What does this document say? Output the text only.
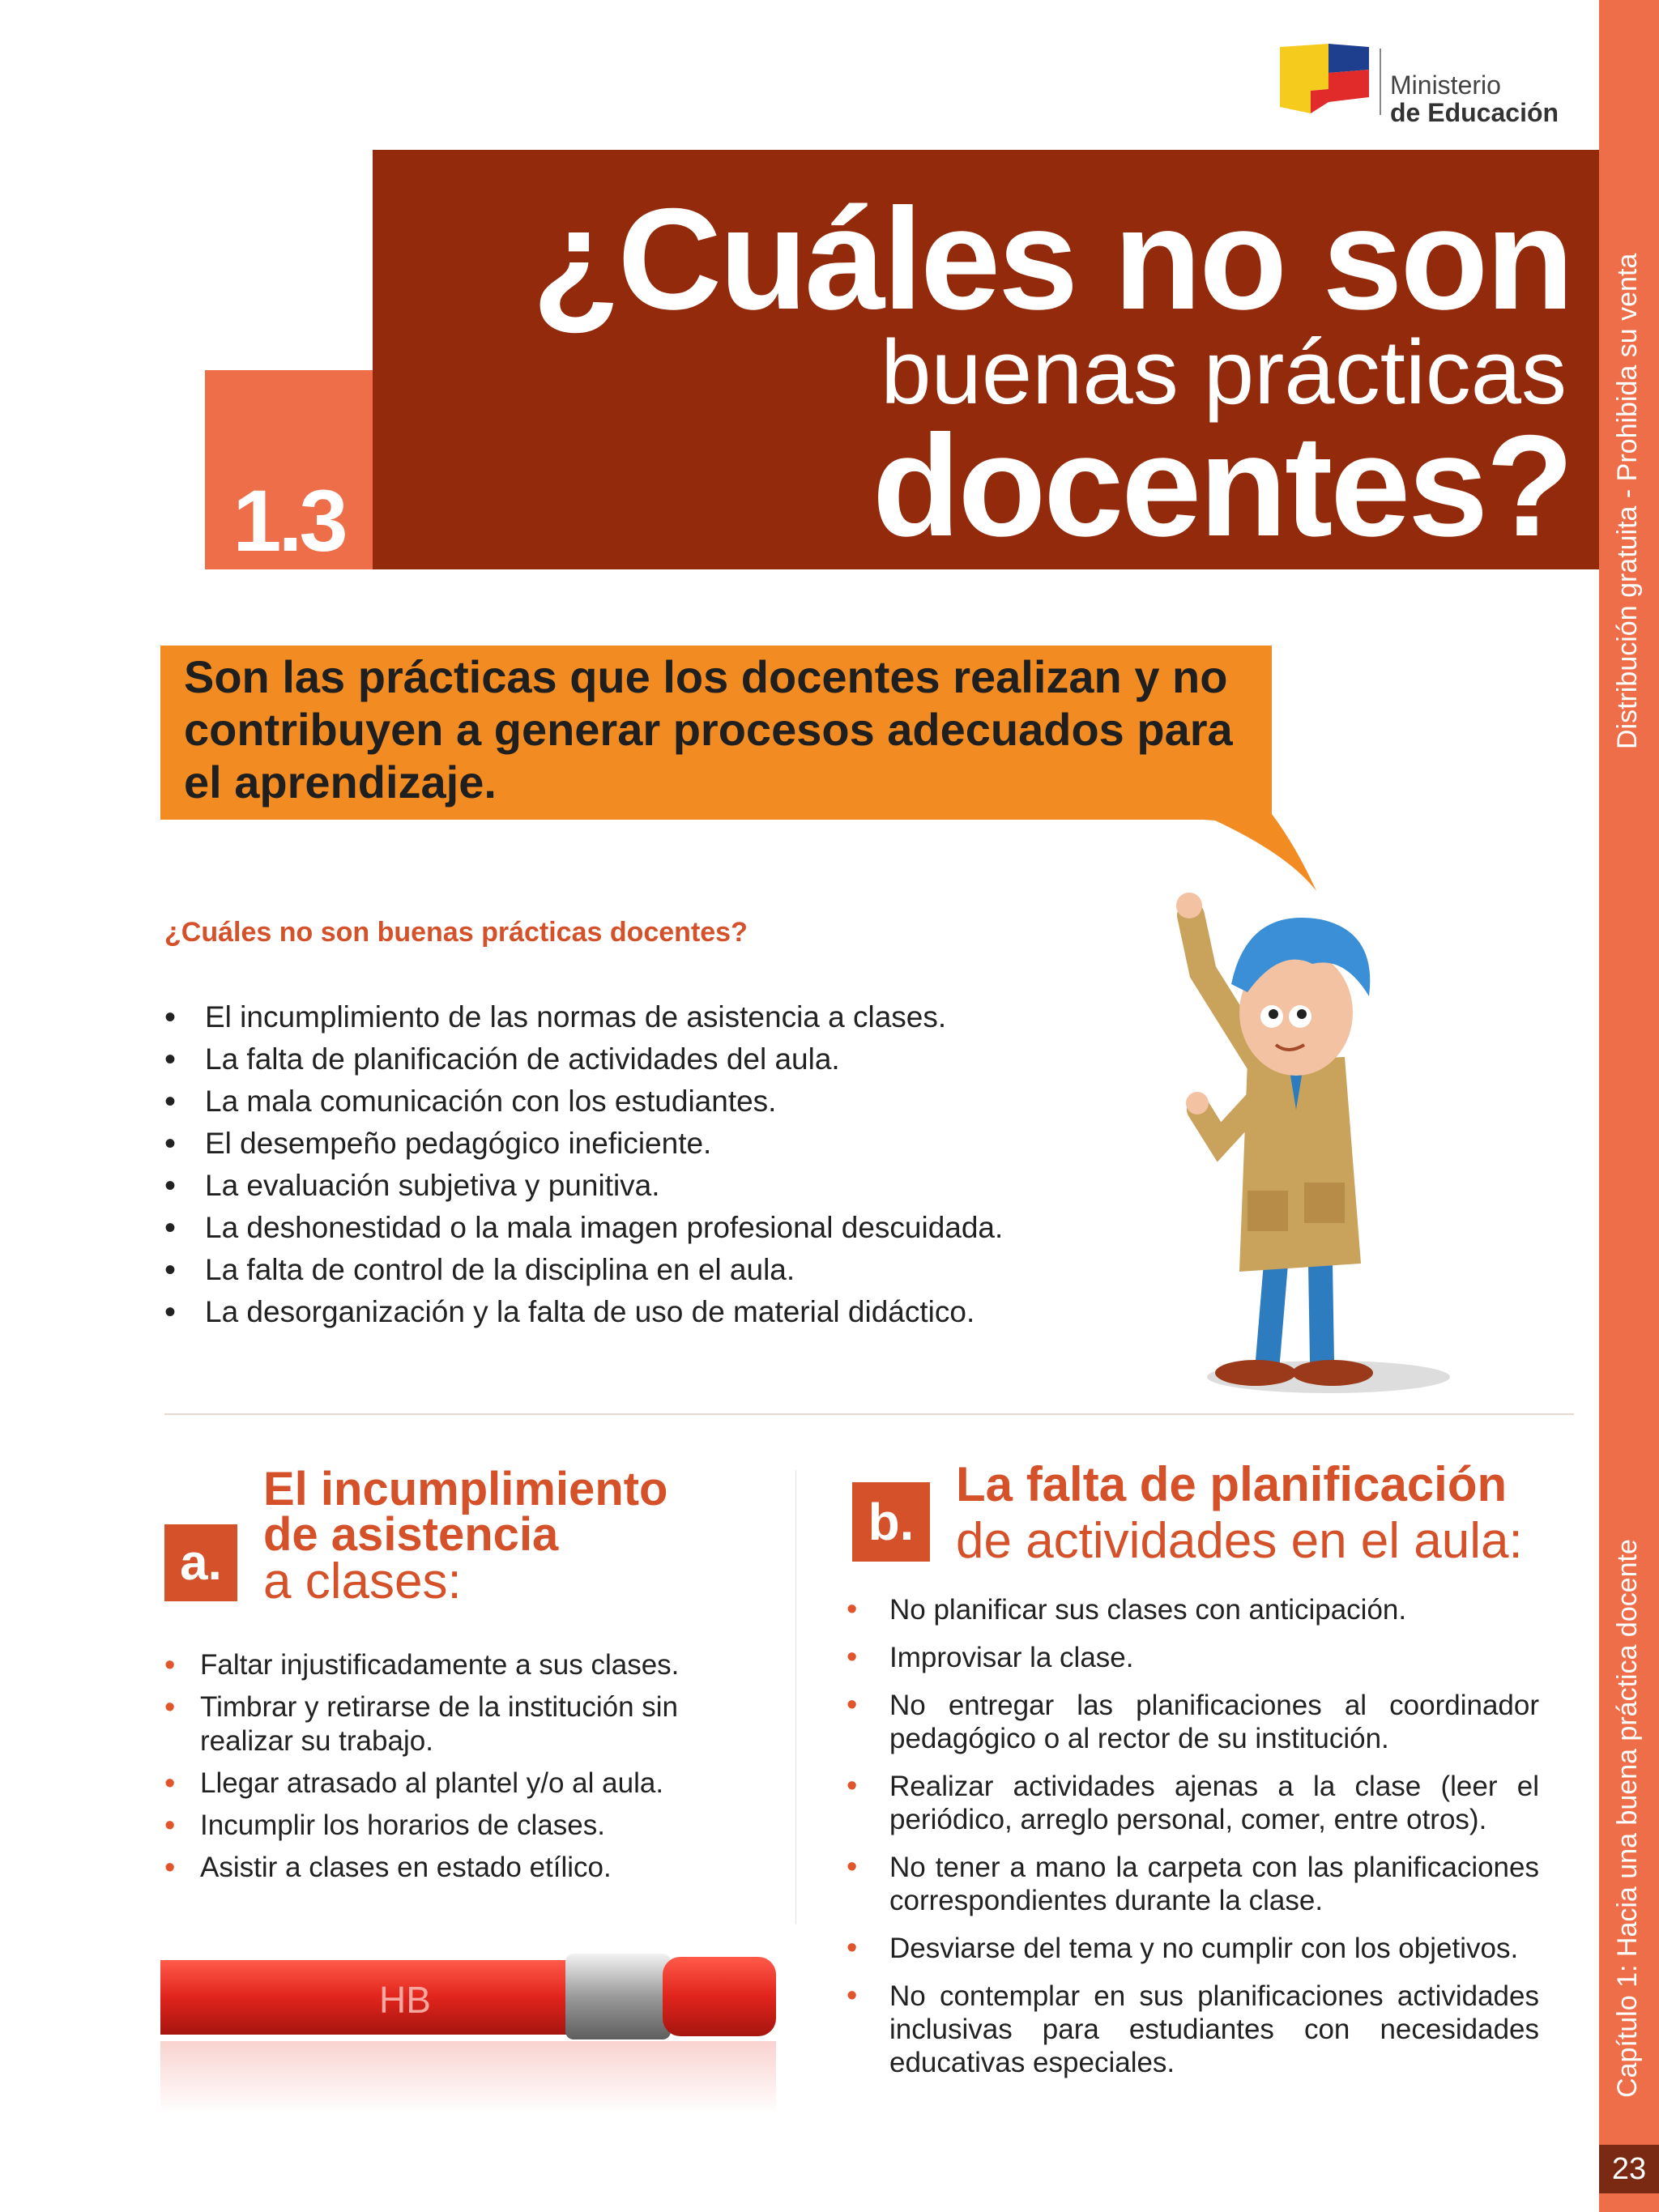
Distribución gratuita - Prohibida su venta
Capítulo 1: Hacia una buena práctica docente
23
Ministerio
de Educación
1.3
¿Cuáles no son
buenas prácticas
docentes?
Son las prácticas que los docentes realizan y no contribuyen a generar procesos adecuados para el aprendizaje.
¿Cuáles no son buenas prácticas docentes?
• El incumplimiento de las normas de asistencia a clases.
• La falta de planificación de actividades del aula.
• La mala comunicación con los estudiantes.
• El desempeño pedagógico ineficiente.
• La evaluación subjetiva y punitiva.
• La deshonestidad o la mala imagen profesional descuidada.
• La falta de control de la disciplina en el aula.
• La desorganización y la falta de uso de material didáctico.
a.
El incumplimiento
de asistencia
a clases:
• Faltar injustificadamente a sus clases.
• Timbrar y retirarse de la institución sin realizar su trabajo.
• Llegar atrasado al plantel y/o al aula.
• Incumplir los horarios de clases.
• Asistir a clases en estado etílico.
HB
b.
La falta de planificación
de actividades en el aula:
• No planificar sus clases con anticipación.
• Improvisar la clase.
• No entregar las planificaciones al coordinador pedagógico o al rector de su institución.
• Realizar actividades ajenas a la clase (leer el periódico, arreglo personal, comer, entre otros).
• No tener a mano la carpeta con las planificaciones correspondientes durante la clase.
• Desviarse del tema y no cumplir con los objetivos.
• No contemplar en sus planificaciones actividades inclusivas para estudiantes con necesidades educativas especiales.
